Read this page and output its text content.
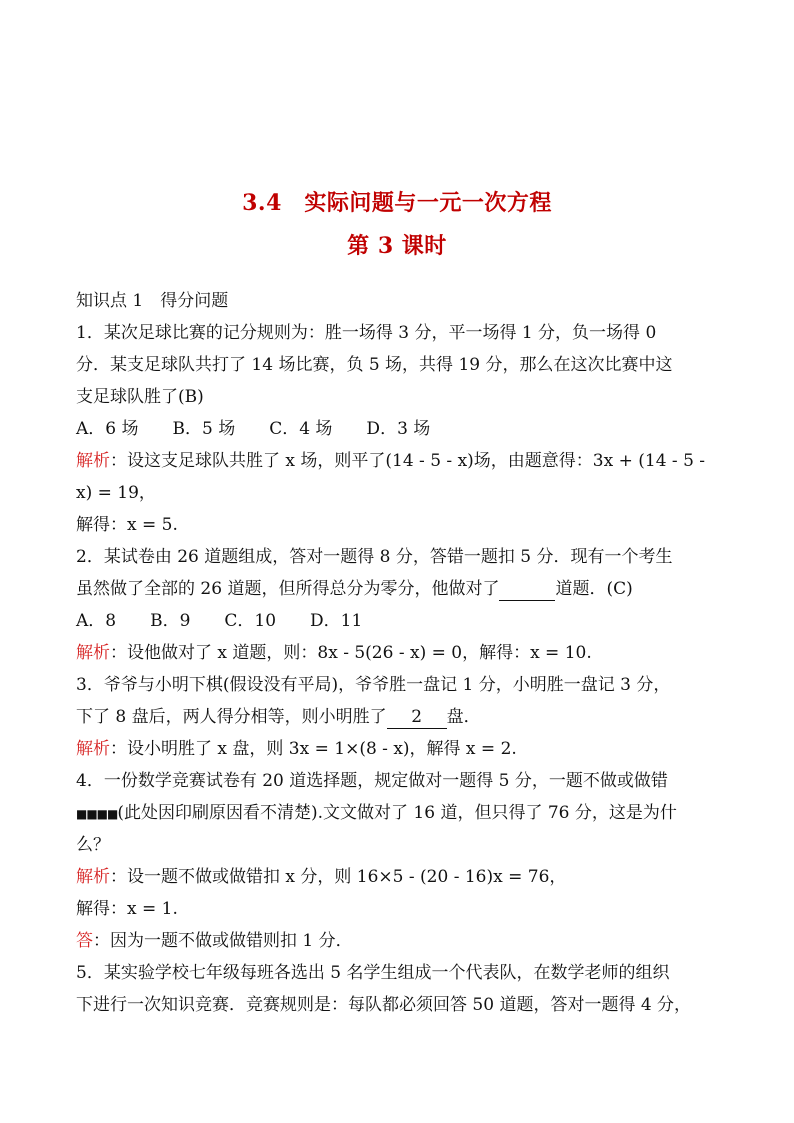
3.4　实际问题与一元一次方程
第 3 课时
知识点 1　得分问题
1．某次足球比赛的记分规则为：胜一场得 3 分，平一场得 1 分，负一场得 0
分．某支足球队共打了 14 场比赛，负 5 场，共得 19 分，那么在这次比赛中这
支足球队胜了(B)
A．6 场　　B．5 场　　C．4 场　　D．3 场
解析：设这支足球队共胜了 x 场，则平了(14 - 5 - x)场，由题意得：3x + (14 - 5 -
x) = 19，
解得：x = 5.
2．某试卷由 26 道题组成，答对一题得 8 分，答错一题扣 5 分．现有一个考生
虽然做了全部的 26 道题，但所得总分为零分，他做对了	道题．(C)
A．8　　B．9　　C．10　　D．11
解析：设他做对了 x 道题，则：8x - 5(26 - x) = 0，解得：x = 10.
3．爷爷与小明下棋(假设没有平局)，爷爷胜一盘记 1 分，小明胜一盘记 3 分，
下了 8 盘后，两人得分相等，则小明胜了 2 盘．
解析：设小明胜了 x 盘，则 3x = 1×(8 - x)，解得 x = 2.
4．一份数学竞赛试卷有 20 道选择题，规定做对一题得 5 分，一题不做或做错
■■■■(此处因印刷原因看不清楚).文文做对了 16 道，但只得了 76 分，这是为什
么？
解析：设一题不做或做错扣 x 分，则 16×5 - (20 - 16)x = 76，
解得：x = 1.
答：因为一题不做或做错则扣 1 分．
5．某实验学校七年级每班各选出 5 名学生组成一个代表队，在数学老师的组织
下进行一次知识竞赛．竞赛规则是：每队都必须回答 50 道题，答对一题得 4 分，
